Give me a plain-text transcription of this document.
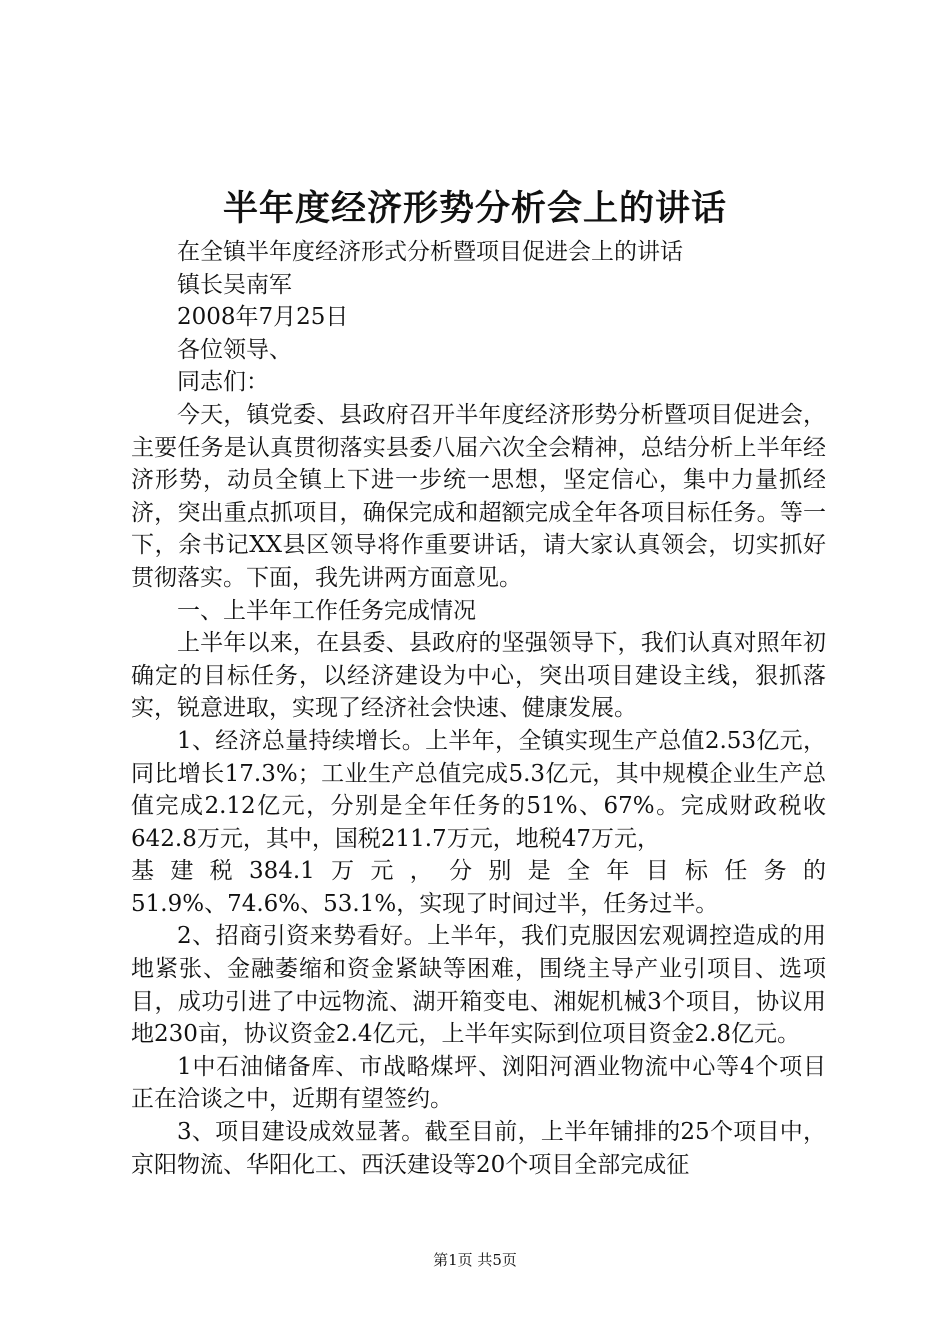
半年度经济形势分析会上的讲话

在全镇半年度经济形式分析暨项目促进会上的讲话

镇长吴南军

2008年7月25日

各位领导、

同志们：

今天，镇党委、县政府召开半年度经济形势分析暨项目促进会，主要任务是认真贯彻落实县委八届六次全会精神，总结分析上半年经济形势，动员全镇上下进一步统一思想，坚定信心，集中力量抓经济，突出重点抓项目，确保完成和超额完成全年各项目标任务。等一下，余书记XX县区领导将作重要讲话，请大家认真领会，切实抓好贯彻落实。下面，我先讲两方面意见。

一、上半年工作任务完成情况

上半年以来，在县委、县政府的坚强领导下，我们认真对照年初确定的目标任务，以经济建设为中心，突出项目建设主线，狠抓落实，锐意进取，实现了经济社会快速、健康发展。

1、经济总量持续增长。上半年，全镇实现生产总值2.53亿元，同比增长17.3%；工业生产总值完成5.3亿元，其中规模企业生产总值完成2.12亿元，分别是全年任务的51%、67%。完成财政税收642.8万元，其中，国税211.7万元，地税47万元，

基建税384.1万元，分别是全年目标任务的

51.9%、74.6%、53.1%，实现了时间过半，任务过半。

2、招商引资来势看好。上半年，我们克服因宏观调控造成的用地紧张、金融萎缩和资金紧缺等困难，围绕主导产业引项目、选项目，成功引进了中远物流、湖开箱变电、湘妮机械3个项目，协议用地230亩，协议资金2.4亿元，上半年实际到位项目资金2.8亿元。

1中石油储备库、市战略煤坪、浏阳河酒业物流中心等4个项目正在洽谈之中，近期有望签约。

3、项目建设成效显著。截至目前，上半年铺排的25个项目中，京阳物流、华阳化工、西沃建设等20个项目全部完成征

第1页 共5页
